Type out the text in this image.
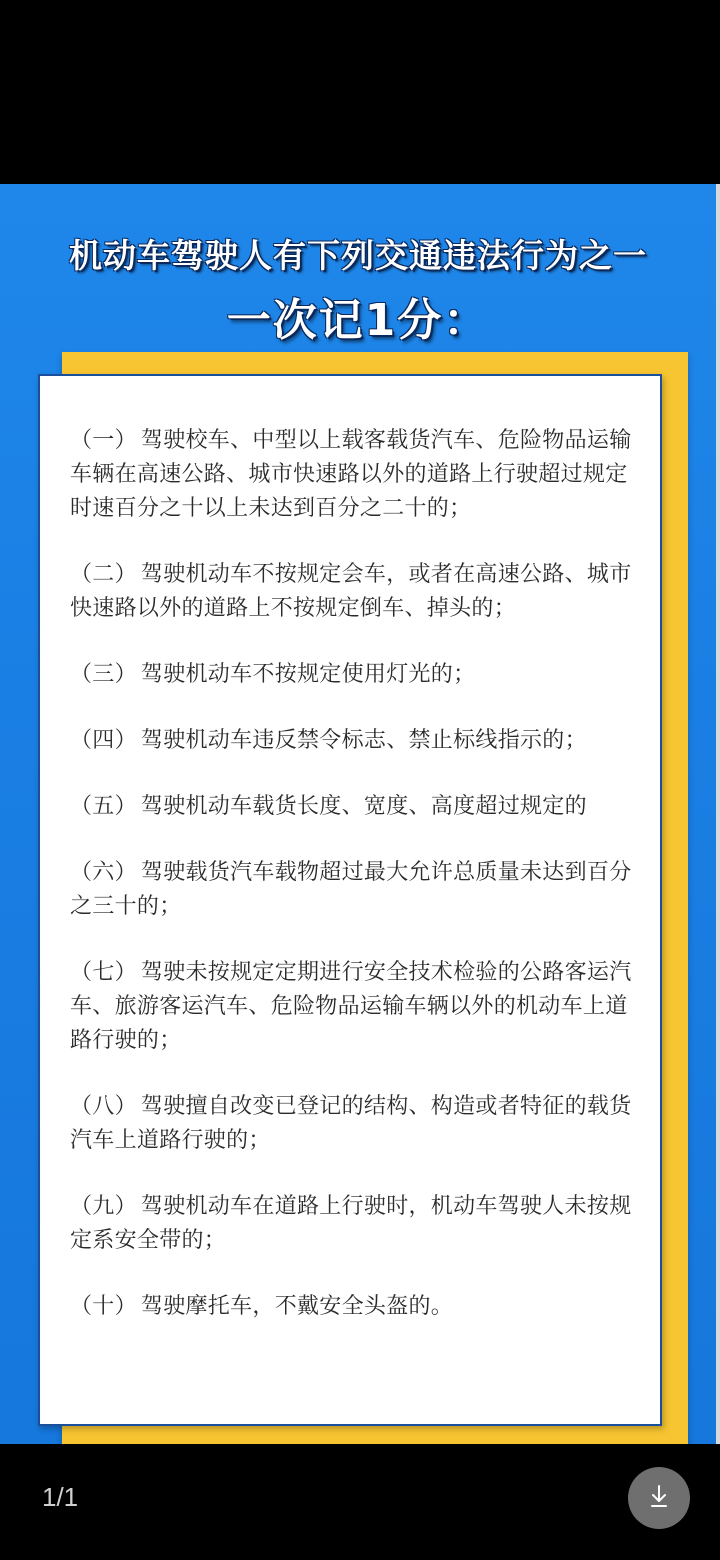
机动车驾驶人有下列交通违法行为之一
一次记1分：
（一） 驾驶校车、中型以上载客载货汽车、危险物品运输车辆在高速公路、城市快速路以外的道路上行驶超过规定时速百分之十以上未达到百分之二十的；
（二） 驾驶机动车不按规定会车，或者在高速公路、城市快速路以外的道路上不按规定倒车、掉头的；
（三） 驾驶机动车不按规定使用灯光的；
（四） 驾驶机动车违反禁令标志、禁止标线指示的；
（五） 驾驶机动车载货长度、宽度、高度超过规定的
（六） 驾驶载货汽车载物超过最大允许总质量未达到百分之三十的；
（七） 驾驶未按规定定期进行安全技术检验的公路客运汽车、旅游客运汽车、危险物品运输车辆以外的机动车上道路行驶的；
（八） 驾驶擅自改变已登记的结构、构造或者特征的载货汽车上道路行驶的；
（九） 驾驶机动车在道路上行驶时，机动车驾驶人未按规定系安全带的；
（十） 驾驶摩托车，不戴安全头盔的。
1/1
